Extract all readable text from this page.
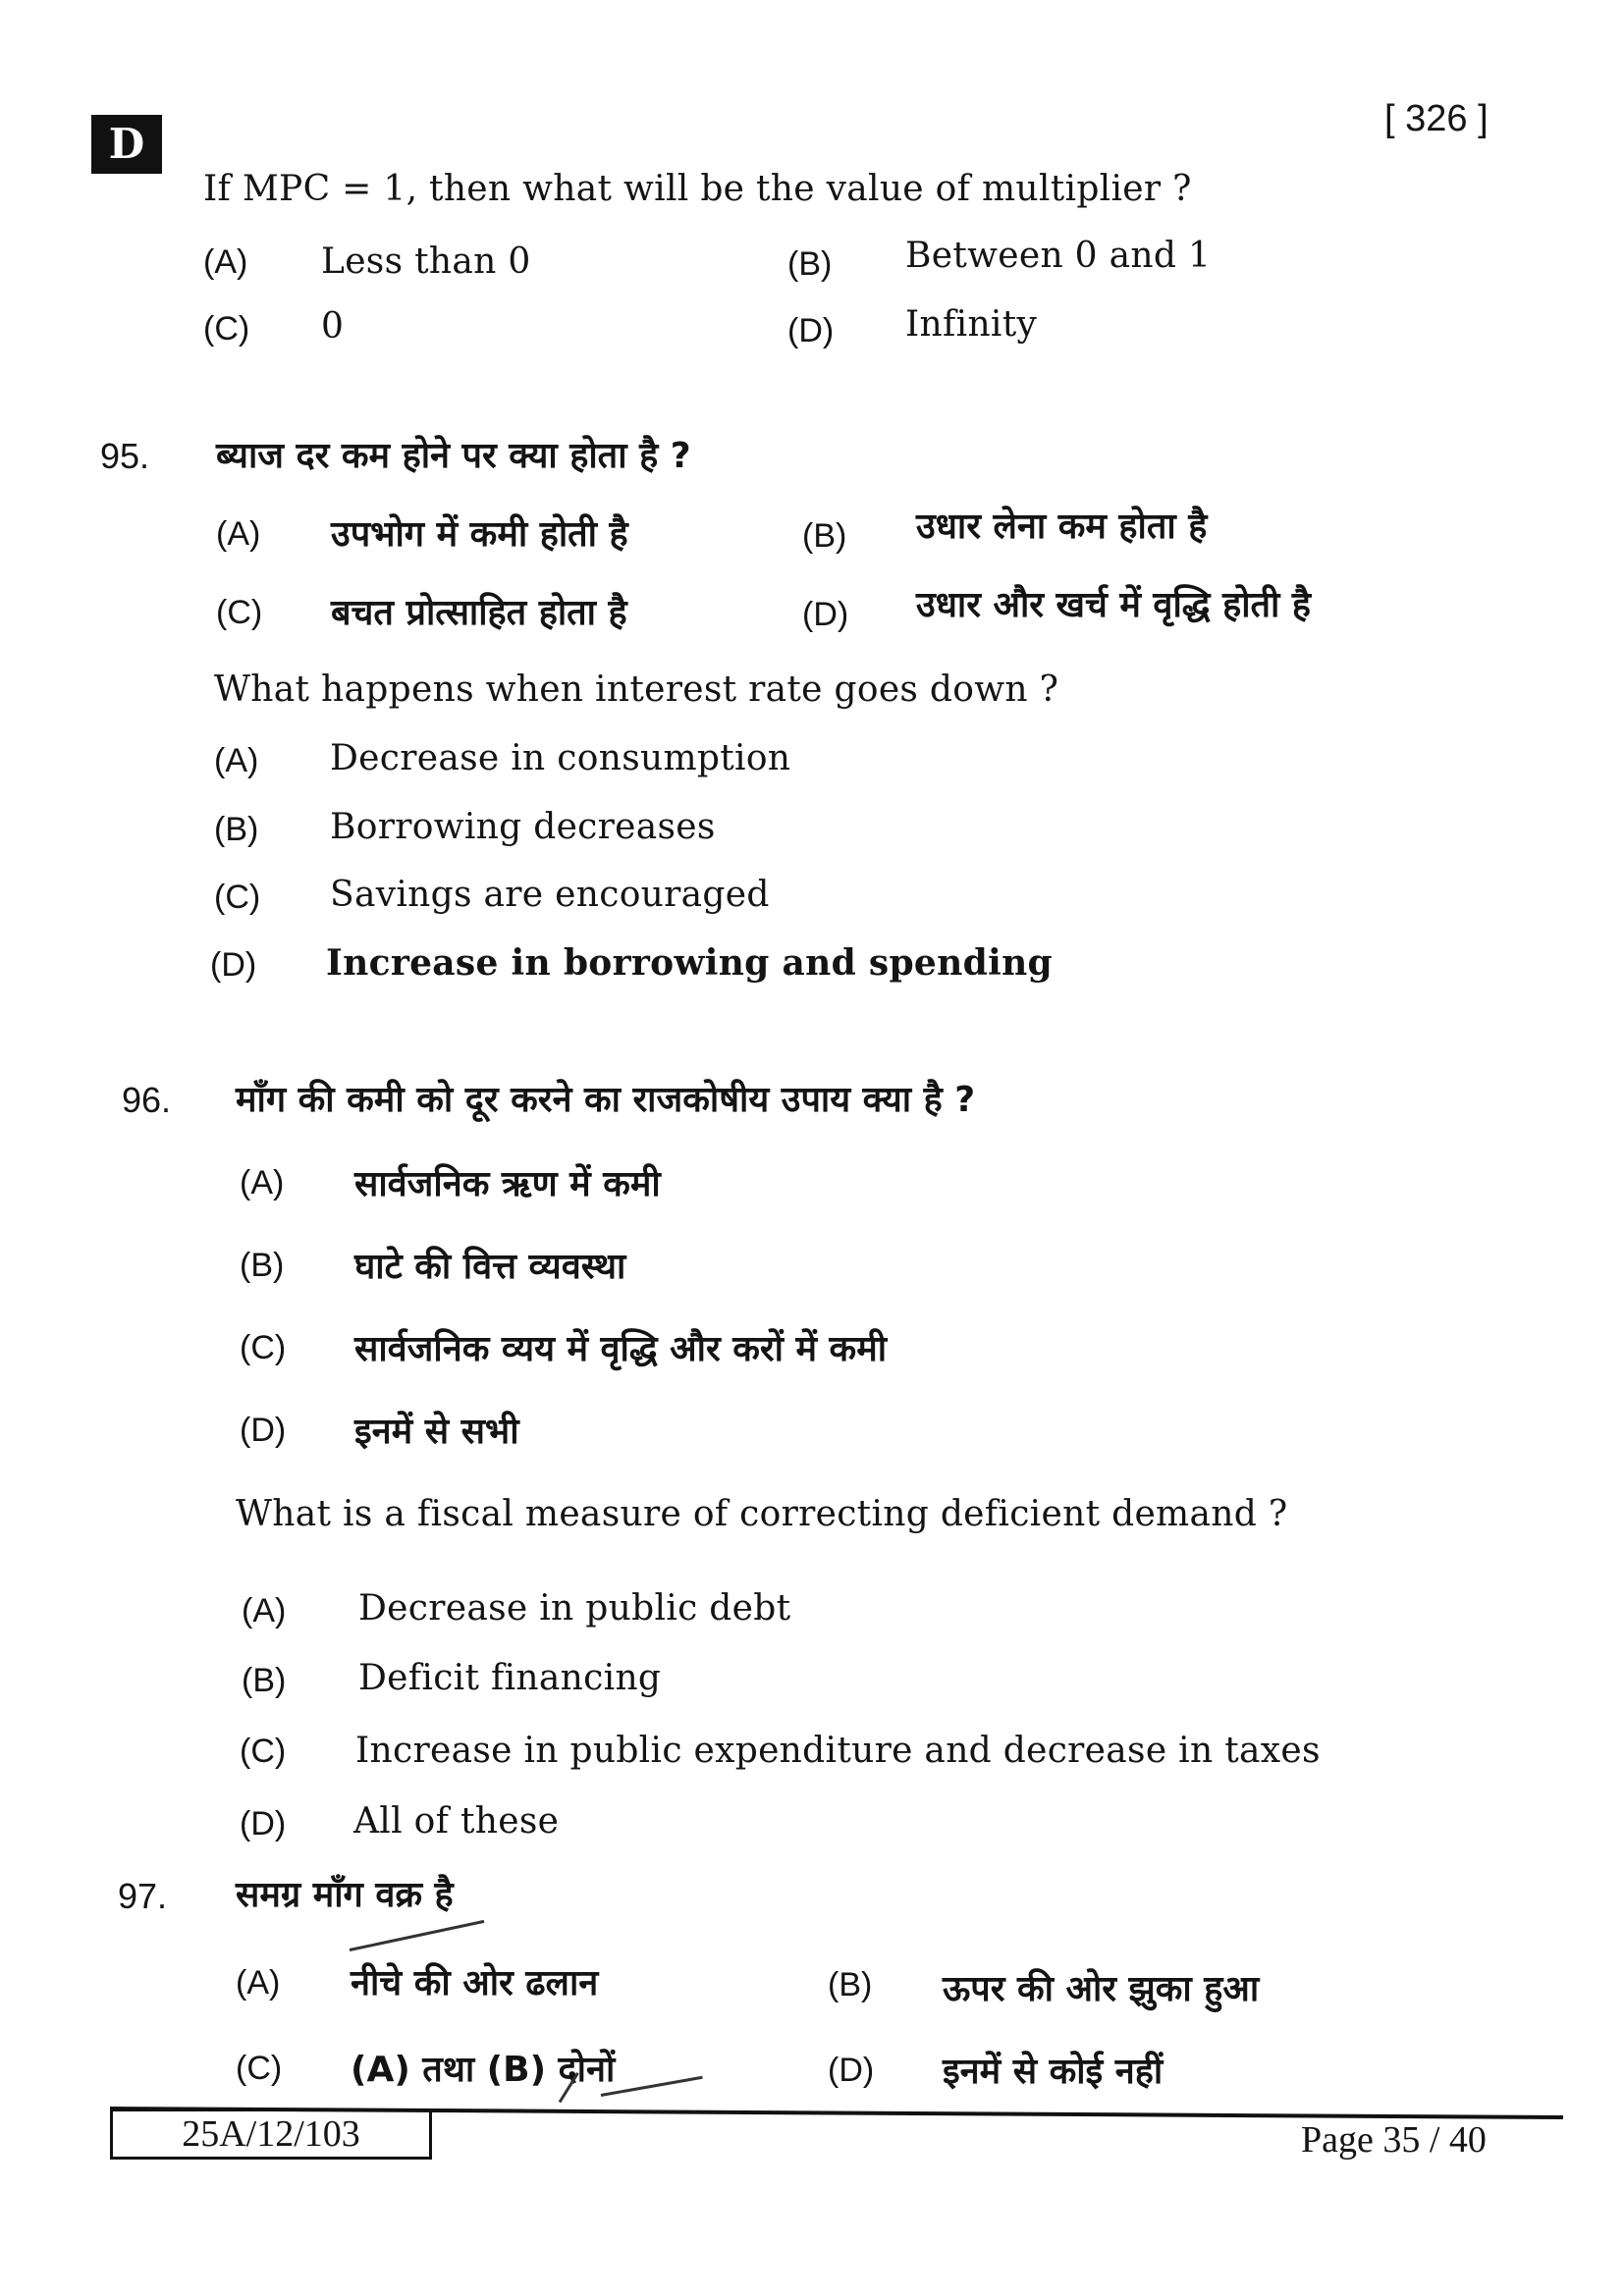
D
[ 326 ]
If MPC = 1, then what will be the value of multiplier ?
(A) Less than 0	(B) Between 0 and 1
(C) 0	(D) Infinity
95. ब्याज दर कम होने पर क्या होता है ?
(A) उपभोग में कमी होती है	(B) उधार लेना कम होता है
(C) बचत प्रोत्साहित होता है	(D) उधार और खर्च में वृद्धि होती है
What happens when interest rate goes down ?
(A) Decrease in consumption
(B) Borrowing decreases
(C) Savings are encouraged
(D) Increase in borrowing and spending
96. माँग की कमी को दूर करने का राजकोषीय उपाय क्या है ?
(A) सार्वजनिक ऋण में कमी
(B) घाटे की वित्त व्यवस्था
(C) सार्वजनिक व्यय में वृद्धि और करों में कमी
(D) इनमें से सभी
What is a fiscal measure of correcting deficient demand ?
(A) Decrease in public debt
(B) Deficit financing
(C) Increase in public expenditure and decrease in taxes
(D) All of these
97. समग्र माँग वक्र है
(A) नीचे की ओर ढलान	(B) ऊपर की ओर झुका हुआ
(C) (A) तथा (B) दोनों	(D) इनमें से कोई नहीं
25A/12/103	Page 35 / 40
